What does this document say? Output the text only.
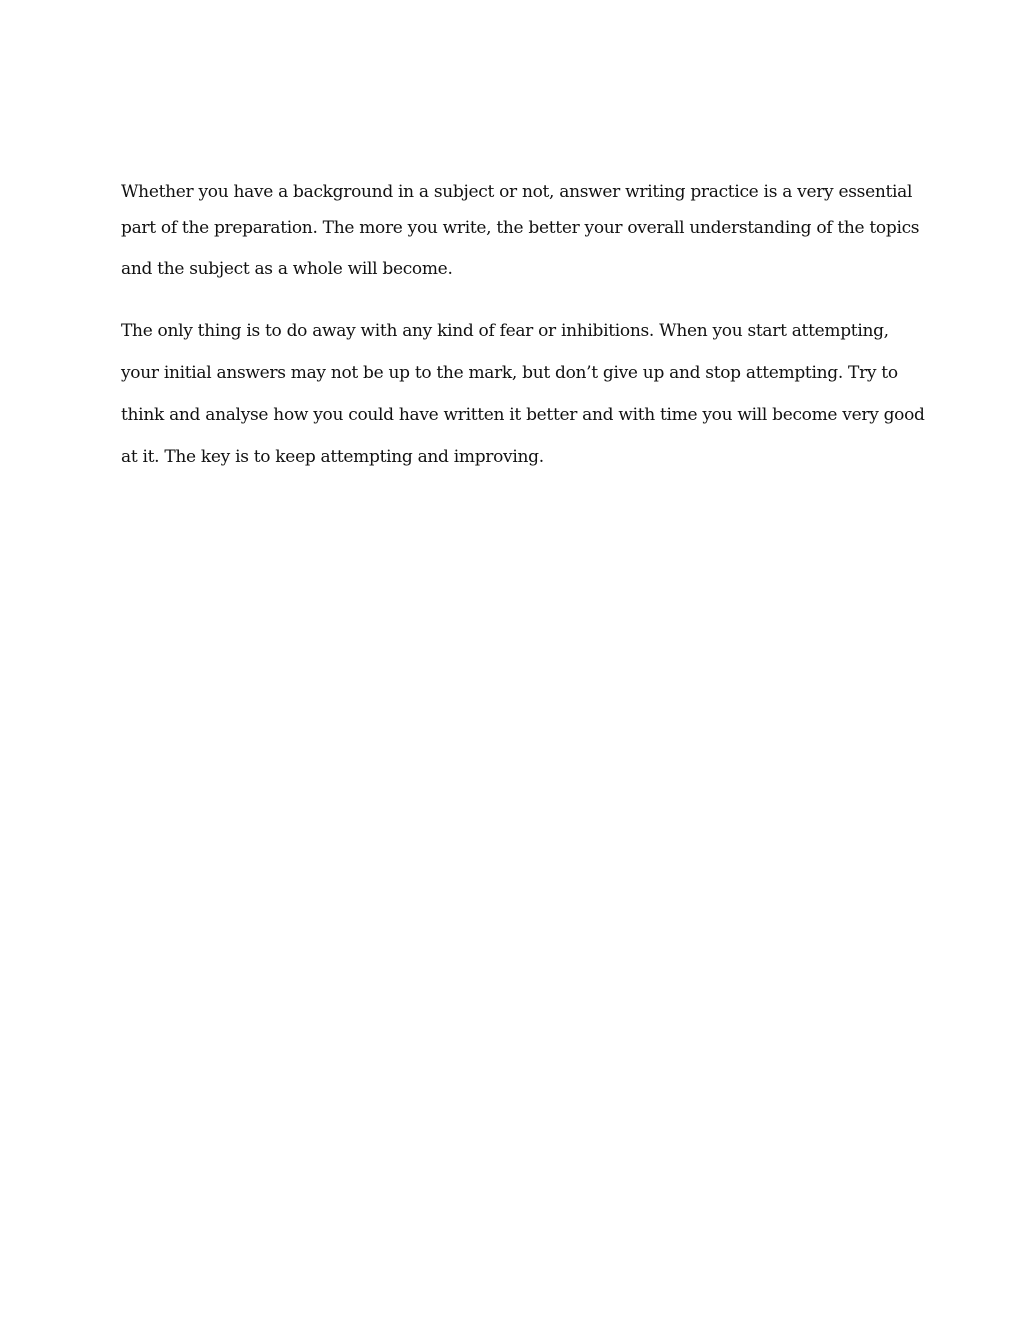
Whether you have a background in a subject or not, answer writing practice is a very essential
part of the preparation. The more you write, the better your overall understanding of the topics
and the subject as a whole will become.

The only thing is to do away with any kind of fear or inhibitions. When you start attempting,
your initial answers may not be up to the mark, but don’t give up and stop attempting. Try to
think and analyse how you could have written it better and with time you will become very good
at it. The key is to keep attempting and improving.
